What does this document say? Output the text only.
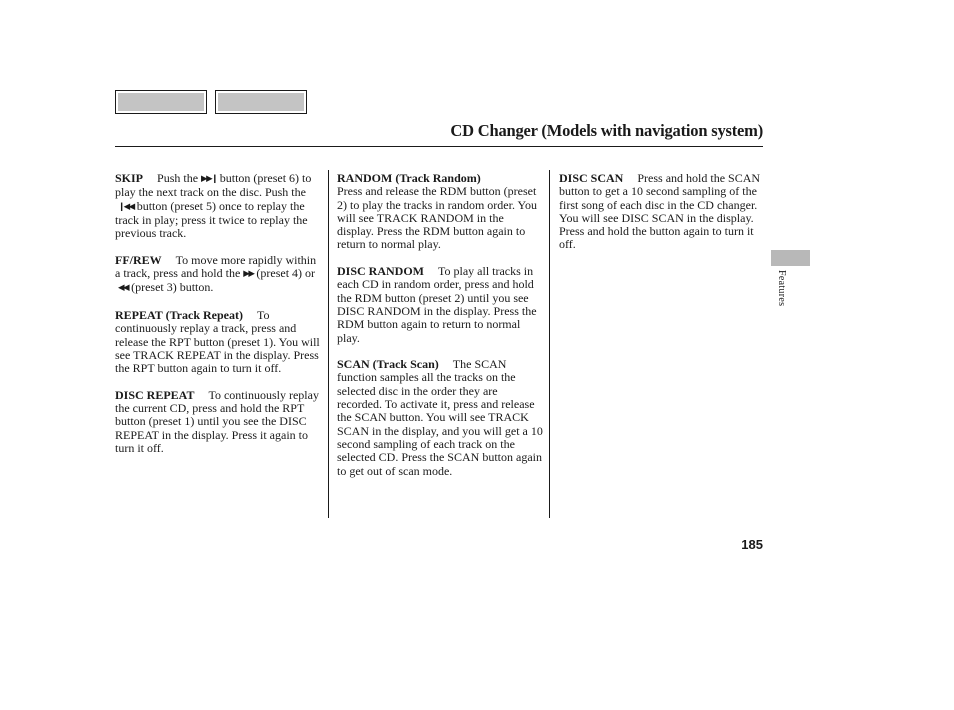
CD Changer (Models with navigation system)

SKIP Push the ▶▶❙ button (preset 6) to play the next track on the disc. Push the❙◀◀ button (preset 5) once to replay the track in play; press it twice to replay the previous track.

FF/REW To move more rapidly within a track, press and hold the ▶▶ (preset 4) or◀◀ (preset 3) button.

REPEAT (Track Repeat) To continuously replay a track, press and release the RPT button (preset 1). You will see TRACK REPEAT in the display. Press the RPT button again to turn it off.

DISC REPEAT To continuously replay the current CD, press and hold the RPT button (preset 1) until you see the DISC REPEAT in the display. Press it again to turn it off.

RANDOM (Track Random)
Press and release the RDM button (preset 2) to play the tracks in random order. You will see TRACK RANDOM in the display. Press the RDM button again to return to normal play.

DISC RANDOM To play all tracks in each CD in random order, press and hold the RDM button (preset 2) until you see DISC RANDOM in the display. Press the RDM button again to return to normal play.

SCAN (Track Scan) The SCAN function samples all the tracks on the selected disc in the order they are recorded. To activate it, press and release the SCAN button. You will see TRACK SCAN in the display, and you will get a 10 second sampling of each track on the selected CD. Press the SCAN button again to get out of scan mode.

DISC SCAN Press and hold the SCAN button to get a 10 second sampling of the first song of each disc in the CD changer. You will see DISC SCAN in the display. Press and hold the button again to turn it off.

Features
185
